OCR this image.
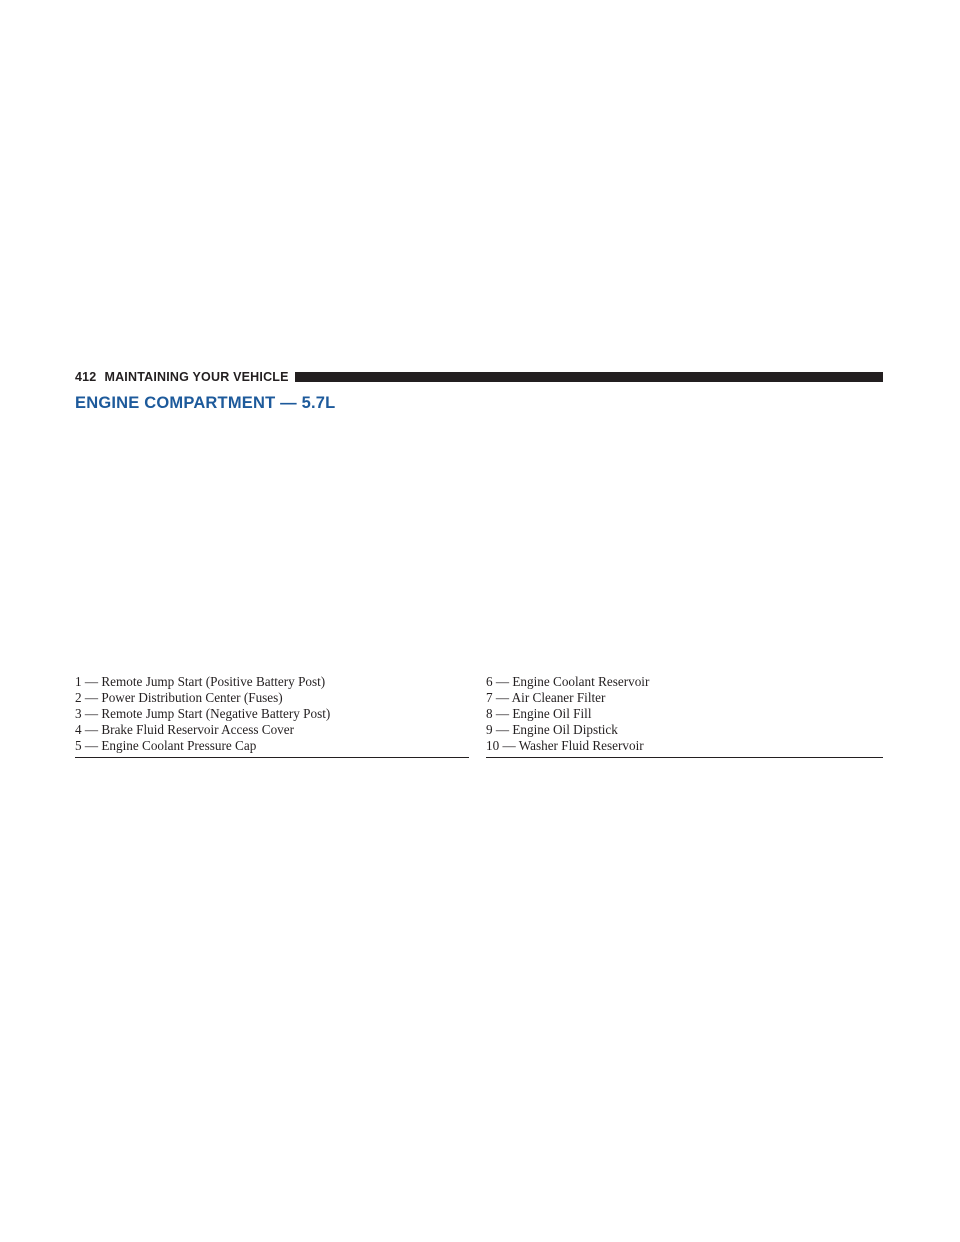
412 MAINTAINING YOUR VEHICLE
ENGINE COMPARTMENT — 5.7L
1 — Remote Jump Start (Positive Battery Post)
2 — Power Distribution Center (Fuses)
3 — Remote Jump Start (Negative Battery Post)
4 — Brake Fluid Reservoir Access Cover
5 — Engine Coolant Pressure Cap
6 — Engine Coolant Reservoir
7 — Air Cleaner Filter
8 — Engine Oil Fill
9 — Engine Oil Dipstick
10 — Washer Fluid Reservoir
